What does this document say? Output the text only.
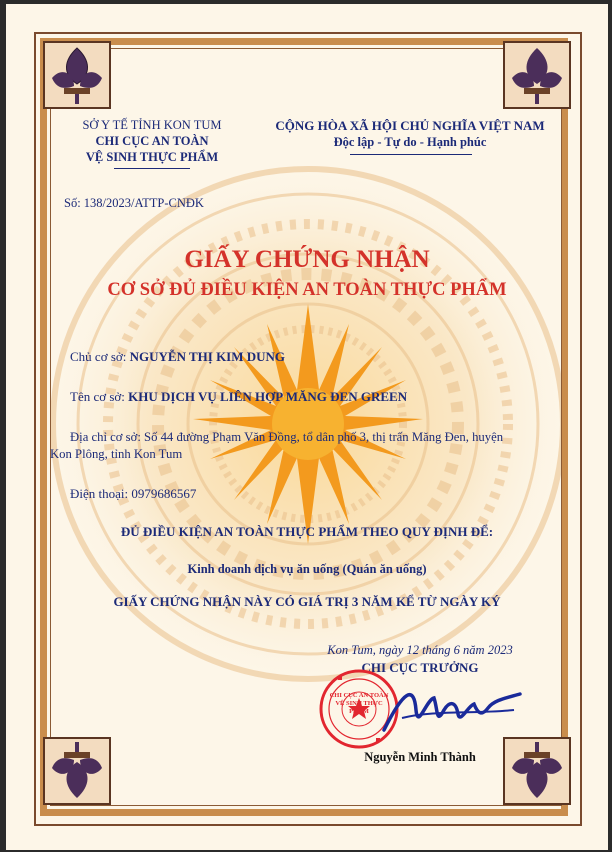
SỞ Y TẾ TỈNH KON TUM
CHI CỤC AN TOÀN
VỆ SINH THỰC PHẨM
CỘNG HÒA XÃ HỘI CHỦ NGHĨA VIỆT NAM
Độc lập - Tự do - Hạnh phúc
Số: 138/2023/ATTP-CNĐK
GIẤY CHỨNG NHẬN
CƠ SỞ ĐỦ ĐIỀU KIỆN AN TOÀN THỰC PHẨM
Chủ cơ sở: NGUYỄN THỊ KIM DUNG
Tên cơ sở: KHU DỊCH VỤ LIÊN HỢP MĂNG ĐEN GREEN
Địa chỉ cơ sở: Số 44 đường Phạm Văn Đồng, tổ dân phố 3, thị trấn Măng Đen, huyện
Kon Plông, tỉnh Kon Tum
Điện thoại: 0979686567
ĐỦ ĐIỀU KIỆN AN TOÀN THỰC PHẨM THEO QUY ĐỊNH ĐỂ:
Kinh doanh dịch vụ ăn uống (Quán ăn uống)
GIẤY CHỨNG NHẬN NÀY CÓ GIÁ TRỊ 3 NĂM KỂ TỪ NGÀY KÝ
Kon Tum, ngày 12 tháng 6 năm 2023
CHI CỤC TRƯỞNG
CHI CỤC AN TOÀN VỆ SINH THỰC PHẨM
Nguyễn Minh Thành
